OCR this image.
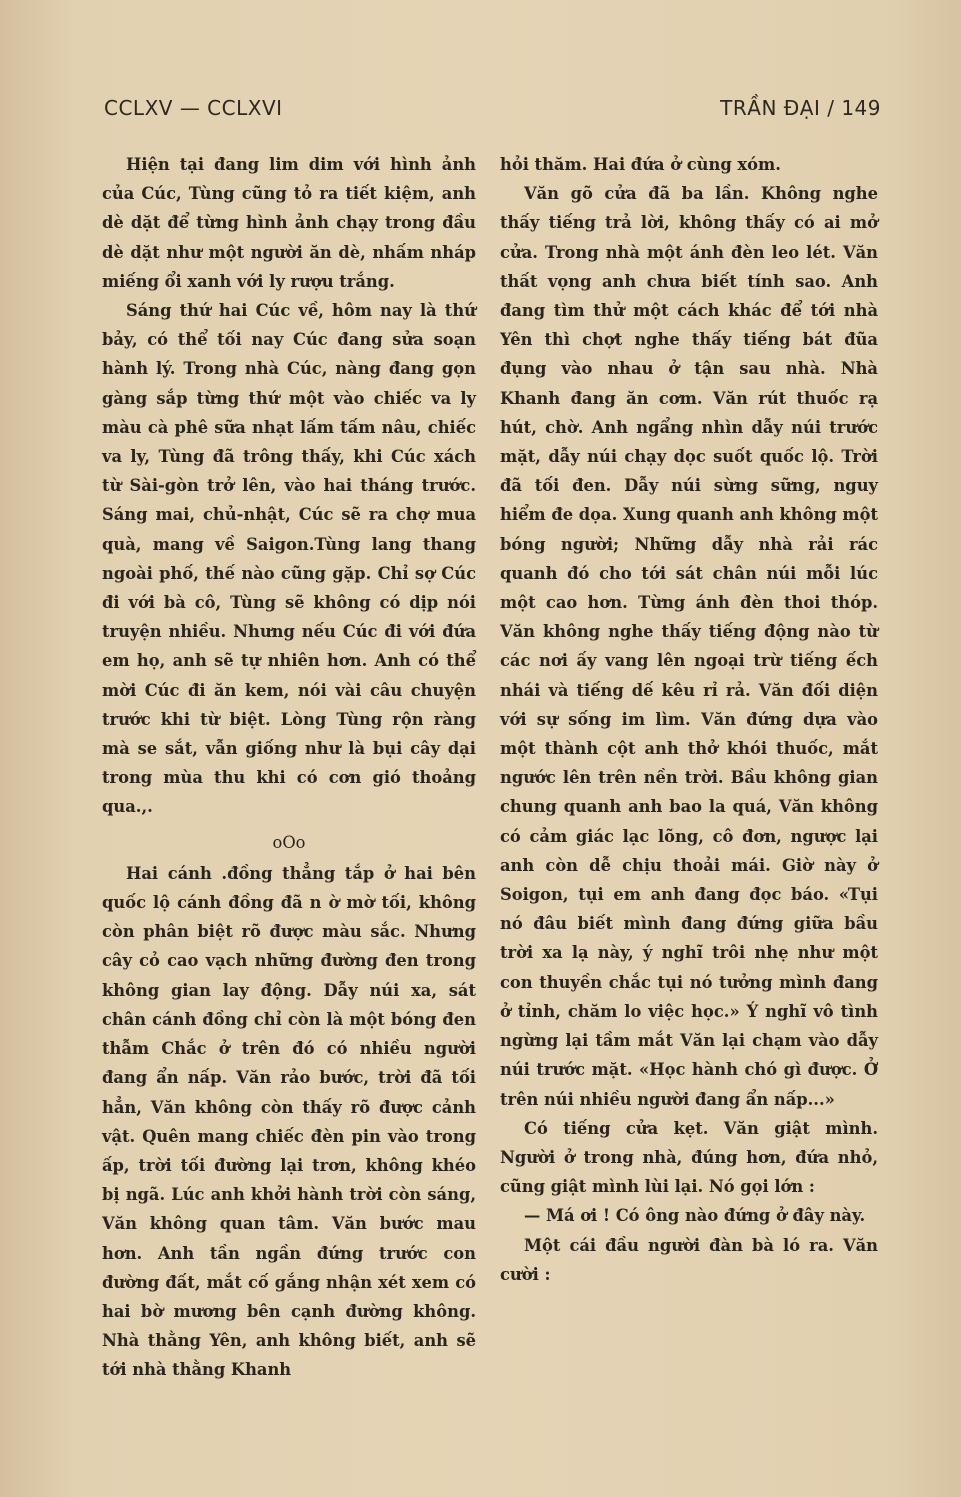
CCLXV — CCLXVI	TRẦN ĐẠI / 149

Hiện tại đang lim dim với hình ảnh của Cúc, Tùng cũng tỏ ra tiết kiệm, anh dè dặt để từng hình ảnh chạy trong đầu dè dặt như một người ăn dè, nhấm nháp miếng ổi xanh với ly rượu trắng.

Sáng thứ hai Cúc về, hôm nay là thứ bảy, có thể tối nay Cúc đang sửa soạn hành lý. Trong nhà Cúc, nàng đang gọn gàng sắp từng thứ một vào chiếc va ly màu cà phê sữa nhạt lấm tấm nâu, chiếc va ly, Tùng đã trông thấy, khi Cúc xách từ Sài-gòn trở lên, vào hai tháng trước. Sáng mai, chủ-nhật, Cúc sẽ ra chợ mua quà, mang về Saigon.Tùng lang thang ngoài phố, thế nào cũng gặp. Chỉ sợ Cúc đi với bà cô, Tùng sẽ không có dịp nói truyện nhiều. Nhưng nếu Cúc đi với đứa em họ, anh sẽ tự nhiên hơn. Anh có thể mời Cúc đi ăn kem, nói vài câu chuyện trước khi từ biệt. Lòng Tùng rộn ràng mà se sắt, vẫn giống như là bụi cây dại trong mùa thu khi có cơn gió thoảng qua.,.

oOo

Hai cánh .đồng thẳng tắp ở hai bên quốc lộ cánh đồng đã n ờ mờ tối, không còn phân biệt rõ được màu sắc. Nhưng cây cỏ cao vạch những đường đen trong không gian lay động. Dẫy núi xa, sát chân cánh đồng chỉ còn là một bóng đen thẫm Chắc ở trên đó có nhiều người đang ẩn nấp. Văn rảo bước, trời đã tối hẳn, Văn không còn thấy rõ được cảnh vật. Quên mang chiếc đèn pin vào trong ấp, trời tối đường lại trơn, không khéo bị ngã. Lúc anh khởi hành trời còn sáng, Văn không quan tâm. Văn bước mau hơn. Anh tần ngần đứng trước con đường đất, mắt cố gắng nhận xét xem có hai bờ mương bên cạnh đường không. Nhà thằng Yên, anh không biết, anh sẽ tới nhà thằng Khanh

hỏi thăm. Hai đứa ở cùng xóm.

Văn gõ cửa đã ba lần. Không nghe thấy tiếng trả lời, không thấy có ai mở cửa. Trong nhà một ánh đèn leo lét. Văn thất vọng anh chưa biết tính sao. Anh đang tìm thử một cách khác để tới nhà Yên thì chợt nghe thấy tiếng bát đũa đụng vào nhau ở tận sau nhà. Nhà Khanh đang ăn cơm. Văn rút thuốc rạ hút, chờ. Anh ngẩng nhìn dẫy núi trước mặt, dẫy núi chạy dọc suốt quốc lộ. Trời đã tối đen. Dẫy núi sừng sững, nguy hiểm đe dọa. Xung quanh anh không một bóng người; Những dẫy nhà rải rác quanh đó cho tới sát chân núi mỗi lúc một cao hơn. Từng ánh đèn thoi thóp. Văn không nghe thấy tiếng động nào từ các nơi ấy vang lên ngoại trừ tiếng ếch nhái và tiếng dế kêu rỉ rả. Văn đối diện với sự sống im lìm. Văn đứng dựa vào một thành cột anh thở khói thuốc, mắt ngước lên trên nền trời. Bầu không gian chung quanh anh bao la quá, Văn không có cảm giác lạc lõng, cô đơn, ngược lại anh còn dễ chịu thoải mái. Giờ này ở Soigon, tụi em anh đang đọc báo. «Tụi nó đâu biết mình đang đứng giữa bầu trời xa lạ này, ý nghĩ trôi nhẹ như một con thuyền chắc tụi nó tưởng mình đang ở tỉnh, chăm lo việc học.» Ý nghĩ vô tình ngừng lại tầm mắt Văn lại chạm vào dẫy núi trước mặt. «Học hành chó gì được. Ở trên núi nhiều người đang ẩn nấp...»

Có tiếng cửa kẹt. Văn giật mình. Người ở trong nhà, đúng hơn, đứa nhỏ, cũng giật mình lùi lại. Nó gọi lớn :

— Má ơi ! Có ông nào đứng ở đây này.

Một cái đầu người đàn bà ló ra. Văn cười :
